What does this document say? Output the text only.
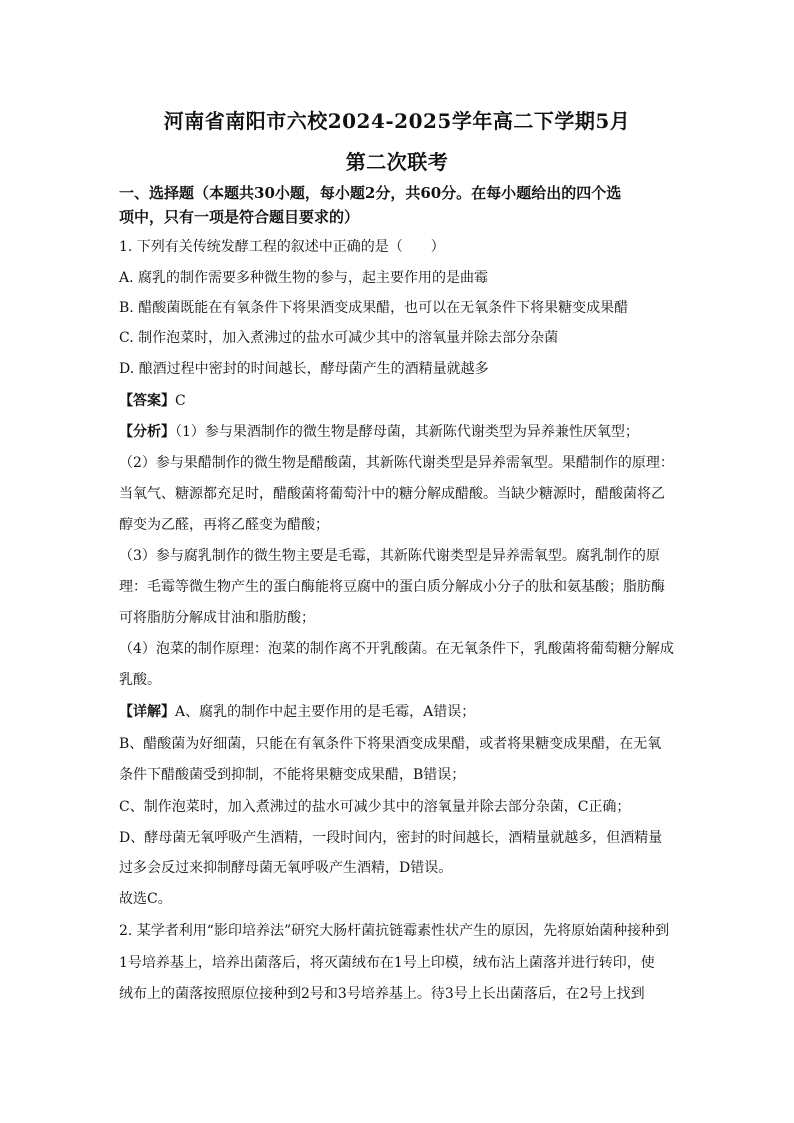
河南省南阳市六校2024-2025学年高二下学期5月
第二次联考
一、选择题（本题共30小题，每小题2分，共60分。在每小题给出的四个选
项中，只有一项是符合题目要求的）
1. 下列有关传统发酵工程的叙述中正确的是（　　）
A. 腐乳的制作需要多种微生物的参与，起主要作用的是曲霉
B. 醋酸菌既能在有氧条件下将果酒变成果醋，也可以在无氧条件下将果糖变成果醋
C. 制作泡菜时，加入煮沸过的盐水可减少其中的溶氧量并除去部分杂菌
D. 酿酒过程中密封的时间越长，酵母菌产生的酒精量就越多
【答案】C
【分析】（1）参与果酒制作的微生物是酵母菌，其新陈代谢类型为异养兼性厌氧型；
（2）参与果醋制作的微生物是醋酸菌，其新陈代谢类型是异养需氧型。果醋制作的原理：
当氧气、糖源都充足时，醋酸菌将葡萄汁中的糖分解成醋酸。当缺少糖源时，醋酸菌将乙
醇变为乙醛，再将乙醛变为醋酸；
（3）参与腐乳制作的微生物主要是毛霉，其新陈代谢类型是异养需氧型。腐乳制作的原
理：毛霉等微生物产生的蛋白酶能将豆腐中的蛋白质分解成小分子的肽和氨基酸；脂肪酶
可将脂肪分解成甘油和脂肪酸；
（4）泡菜的制作原理：泡菜的制作离不开乳酸菌。在无氧条件下，乳酸菌将葡萄糖分解成
乳酸。
【详解】A、腐乳的制作中起主要作用的是毛霉，A错误；
B、醋酸菌为好细菌，只能在有氧条件下将果酒变成果醋，或者将果糖变成果醋，在无氧
条件下醋酸菌受到抑制，不能将果糖变成果醋，B错误；
C、制作泡菜时，加入煮沸过的盐水可减少其中的溶氧量并除去部分杂菌，C正确；
D、酵母菌无氧呼吸产生酒精，一段时间内，密封的时间越长，酒精量就越多，但酒精量
过多会反过来抑制酵母菌无氧呼吸产生酒精，D错误。
故选C。
2. 某学者利用“影印培养法”研究大肠杆菌抗链霉素性状产生的原因，先将原始菌种接种到
1号培养基上，培养出菌落后，将灭菌绒布在1号上印模，绒布沾上菌落并进行转印，使
绒布上的菌落按照原位接种到2号和3号培养基上。待3号上长出菌落后，在2号上找到
